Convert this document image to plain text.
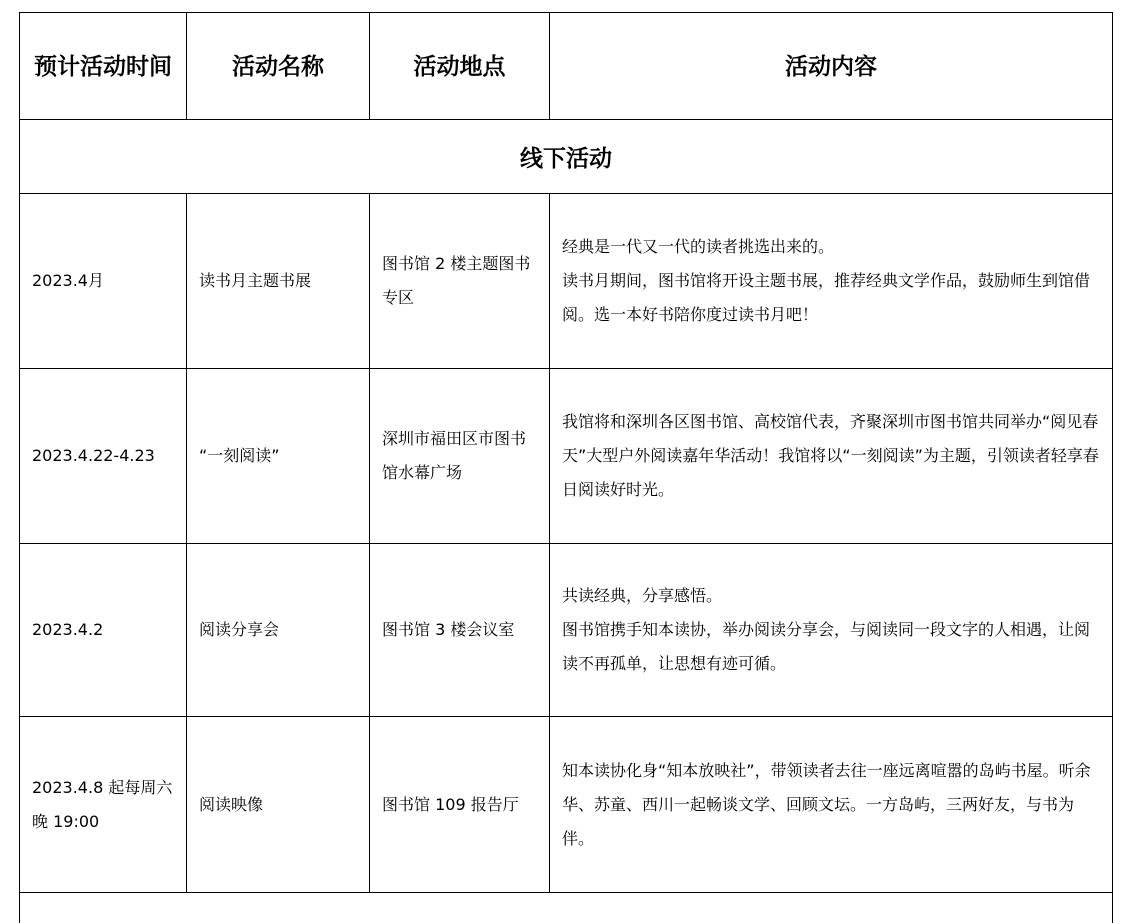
预计活动时间	活动名称	活动地点	活动内容
线下活动			
2023.4月	读书月主题书展	图书馆 2 楼主题图书专区	经典是一代又一代的读者挑选出来的。
读书月期间，图书馆将开设主题书展，推荐经典文学作品，鼓励师生到馆借阅。选一本好书陪你度过读书月吧！

2023.4.22-4.23	“一刻阅读”	深圳市福田区市图书馆水幕广场	我馆将和深圳各区图书馆、高校馆代表，齐聚深圳市图书馆共同举办“阅见春天”大型户外阅读嘉年华活动！我馆将以“一刻阅读”为主题，引领读者轻享春日阅读好时光。

2023.4.2	阅读分享会	图书馆 3 楼会议室	共读经典，分享感悟。
图书馆携手知本读协，举办阅读分享会，与阅读同一段文字的人相遇，让阅读不再孤单，让思想有迹可循。

2023.4.8 起每周六晚 19:00	阅读映像	图书馆 109 报告厅	知本读协化身“知本放映社”，带领读者去往一座远离喧嚣的岛屿书屋。听余华、苏童、西川一起畅谈文学、回顾文坛。一方岛屿，三两好友，与书为伴。
